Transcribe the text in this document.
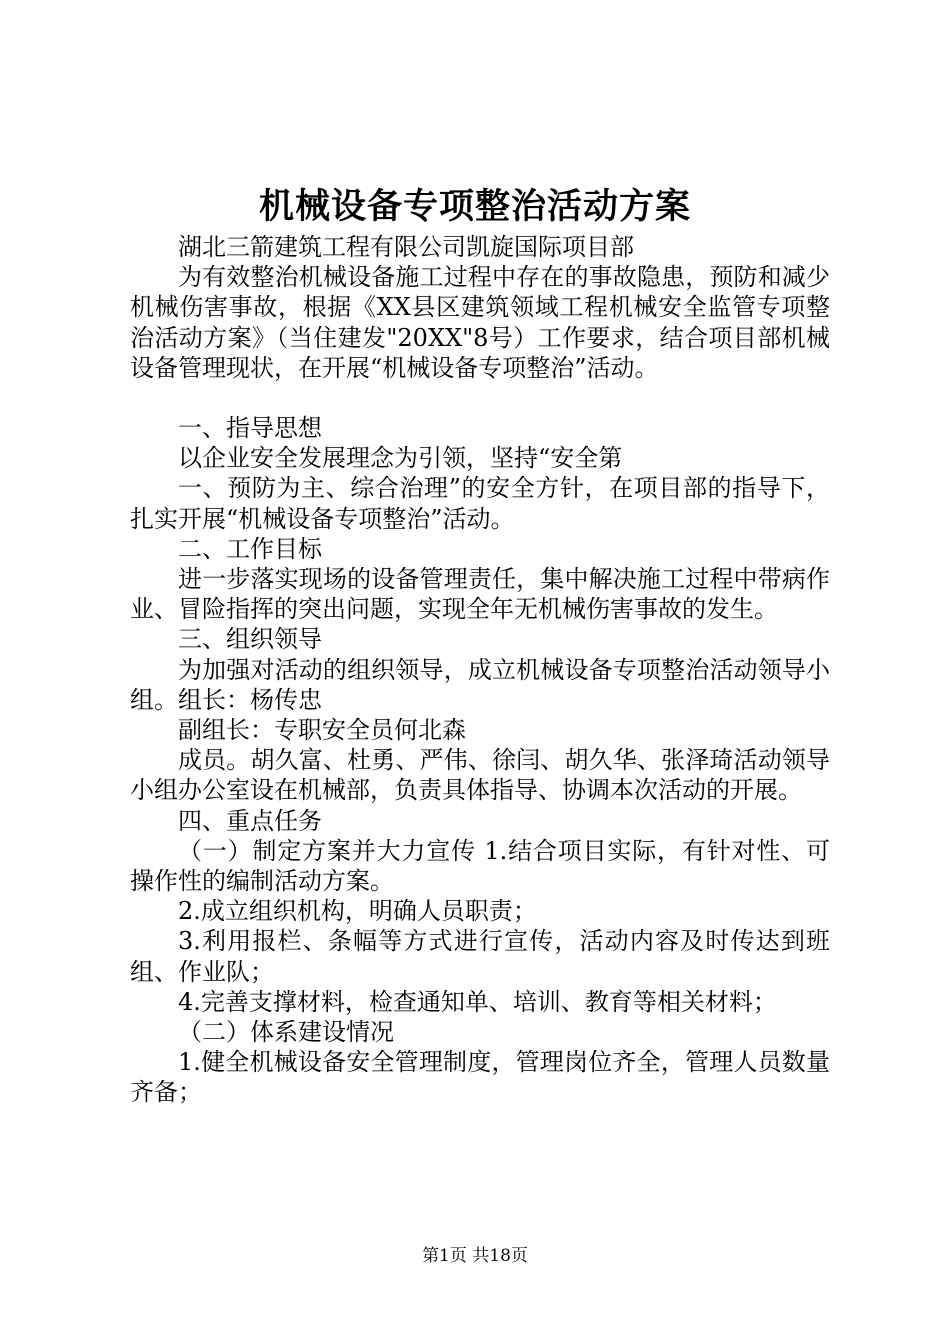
机械设备专项整治活动方案

湖北三箭建筑工程有限公司凯旋国际项目部

为有效整治机械设备施工过程中存在的事故隐患，预防和减少机械伤害事故，根据《XX县区建筑领域工程机械安全监管专项整治活动方案》（当住建发"20XX"8号）工作要求，结合项目部机械设备管理现状，在开展“机械设备专项整治”活动。

一、指导思想

以企业安全发展理念为引领，坚持“安全第

一、预防为主、综合治理”的安全方针，在项目部的指导下，扎实开展“机械设备专项整治”活动。

二、工作目标

进一步落实现场的设备管理责任，集中解决施工过程中带病作业、冒险指挥的突出问题，实现全年无机械伤害事故的发生。

三、组织领导

为加强对活动的组织领导，成立机械设备专项整治活动领导小组。组长：杨传忠

副组长：专职安全员何北森

成员。胡久富、杜勇、严伟、徐闫、胡久华、张泽琦活动领导小组办公室设在机械部，负责具体指导、协调本次活动的开展。

四、重点任务

（一）制定方案并大力宣传 1.结合项目实际，有针对性、可操作性的编制活动方案。

2.成立组织机构，明确人员职责；

3.利用报栏、条幅等方式进行宣传，活动内容及时传达到班组、作业队；

4.完善支撑材料，检查通知单、培训、教育等相关材料；

（二）体系建设情况

1.健全机械设备安全管理制度，管理岗位齐全，管理人员数量齐备；

第1页 共18页
